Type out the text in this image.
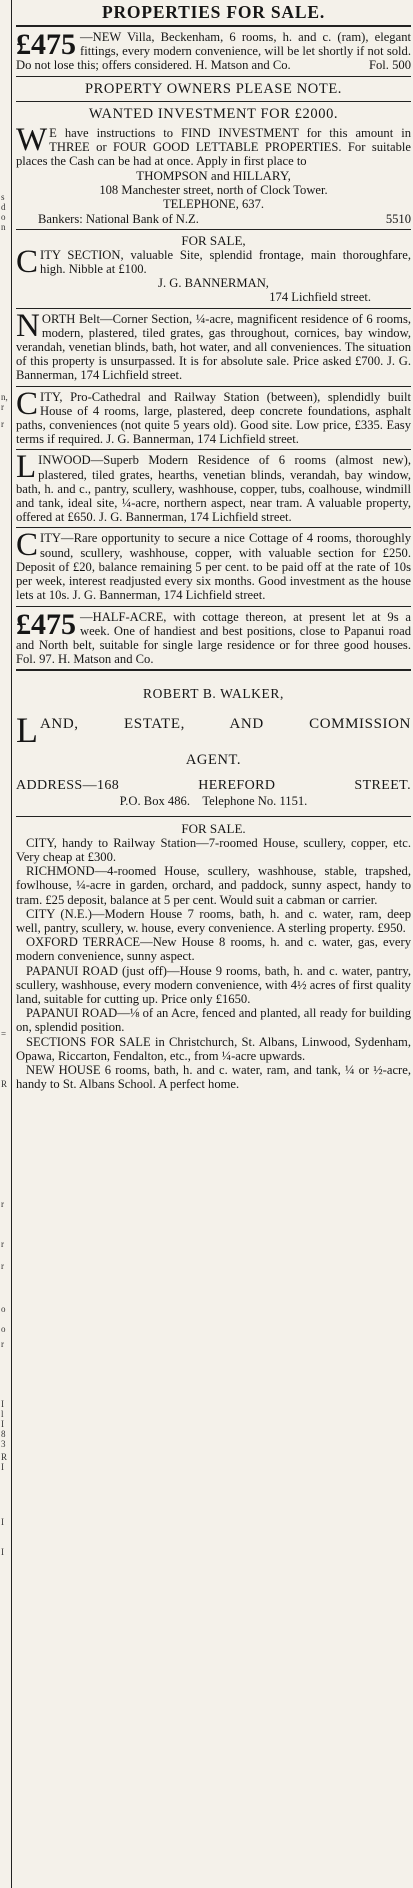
s
d
o
n
n,
r
r
=
R
r
r
r
o
o
r
I
l
I
8
3
R
I
I
I

PROPERTIES FOR SALE.

£475 —NEW Villa, Beckenham, 6 rooms, h. and c. (ram), elegant fittings, every modern convenience, will be let shortly if not sold. Do not lose this; offers considered. H. Matson and Co.	Fol. 500

PROPERTY OWNERS PLEASE NOTE.

WANTED INVESTMENT FOR £2000.

W E have instructions to FIND INVESTMENT for this amount in THREE or FOUR GOOD LETTABLE PROPERTIES. For suitable places the Cash can be had at once. Apply in first place to

THOMPSON and HILLARY,

108 Manchester street, north of Clock Tower.

TELEPHONE, 637.

Bankers: National Bank of N.Z.	5510

FOR SALE,

CITY SECTION, valuable Site, splendid frontage, main thoroughfare, high. Nibble at £100.

J. G. BANNERMAN,

174 Lichfield street.

NORTH Belt—Corner Section, ¼-acre, magnificent residence of 6 rooms, modern, plastered, tiled grates, gas throughout, cornices, bay window, verandah, venetian blinds, bath, hot water, and all conveniences. The situation of this property is unsurpassed. It is for absolute sale. Price asked £700. J. G. Bannerman, 174 Lichfield street.

CITY, Pro-Cathedral and Railway Station (between), splendidly built House of 4 rooms, large, plastered, deep concrete foundations, asphalt paths, conveniences (not quite 5 years old). Good site. Low price, £335. Easy terms if required. J. G. Bannerman, 174 Lichfield street.

LINWOOD—Superb Modern Residence of 6 rooms (almost new), plastered, tiled grates, hearths, venetian blinds, verandah, bay window, bath, h. and c., pantry, scullery, washhouse, copper, tubs, coalhouse, windmill and tank, ideal site, ¼-acre, northern aspect, near tram. A valuable property, offered at £650. J. G. Bannerman, 174 Lichfield street.

CITY—Rare opportunity to secure a nice Cottage of 4 rooms, thoroughly sound, scullery, washhouse, copper, with valuable section for £250. Deposit of £20, balance remaining 5 per cent. to be paid off at the rate of 10s per week, interest readjusted every six months. Good investment as the house lets at 10s. J. G. Bannerman, 174 Lichfield street.

£475 —HALF-ACRE, with cottage thereon, at present let at 9s a week. One of handiest and best positions, close to Papanui road and North belt, suitable for single large residence or for three good houses. Fol. 97. H. Matson and Co.

ROBERT B. WALKER,

L AND, ESTATE, AND COMMISSION

AGENT.

ADDRESS—168	HEREFORD	STREET.
P.O. Box 486. Telephone No. 1151.

FOR SALE.

CITY, handy to Railway Station—7-roomed House, scullery, copper, etc. Very cheap at £300.

RICHMOND—4-roomed House, scullery, washhouse, stable, trapshed, fowlhouse, ¼-acre in garden, orchard, and paddock, sunny aspect, handy to tram. £25 deposit, balance at 5 per cent. Would suit a cabman or carrier.

CITY (N.E.)—Modern House 7 rooms, bath, h. and c. water, ram, deep well, pantry, scullery, w. house, every convenience. A sterling property. £950.

OXFORD TERRACE—New House 8 rooms, h. and c. water, gas, every modern convenience, sunny aspect.

PAPANUI ROAD (just off)—House 9 rooms, bath, h. and c. water, pantry, scullery, washhouse, every modern convenience, with 4½ acres of first quality land, suitable for cutting up. Price only £1650.

PAPANUI ROAD—⅛ of an Acre, fenced and planted, all ready for building on, splendid position.

SECTIONS FOR SALE in Christchurch, St. Albans, Linwood, Sydenham, Opawa, Riccarton, Fendalton, etc., from ¼-acre upwards.

NEW HOUSE 6 rooms, bath, h. and c. water, ram, and tank, ¼ or ½-acre, handy to St. Albans School. A perfect home.
